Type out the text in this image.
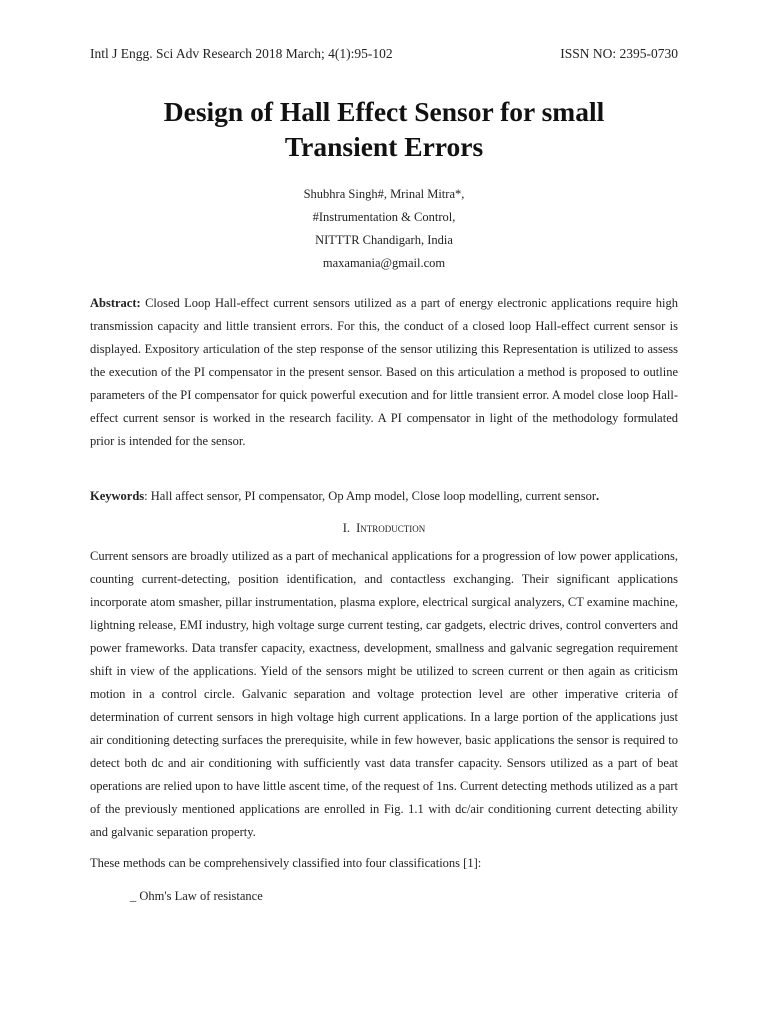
Intl J Engg. Sci Adv Research 2018 March; 4(1):95-102	ISSN NO: 2395-0730
Design of Hall Effect Sensor for small
Transient Errors
Shubhra Singh#, Mrinal Mitra*,
#Instrumentation & Control,
NITTTR Chandigarh, India
maxamania@gmail.com

Abstract: Closed Loop Hall-effect current sensors utilized as a part of energy electronic applications require high transmission capacity and little transient errors. For this, the conduct of a closed loop Hall-effect current sensor is displayed. Expository articulation of the step response of the sensor utilizing this Representation is utilized to assess the execution of the PI compensator in the present sensor. Based on this articulation a method is proposed to outline parameters of the PI compensator for quick powerful execution and for little transient error. A model close loop Hall-effect current sensor is worked in the research facility. A PI compensator in light of the methodology formulated prior is intended for the sensor.

Keywords: Hall affect sensor, PI compensator, Op Amp model, Close loop modelling, current sensor.

I. Introduction

Current sensors are broadly utilized as a part of mechanical applications for a progression of low power applications, counting current-detecting, position identification, and contactless exchanging. Their significant applications incorporate atom smasher, pillar instrumentation, plasma explore, electrical surgical analyzers, CT examine machine, lightning release, EMI industry, high voltage surge current testing, car gadgets, electric drives, control converters and power frameworks. Data transfer capacity, exactness, development, smallness and galvanic segregation requirement shift in view of the applications. Yield of the sensors might be utilized to screen current or then again as criticism motion in a control circle. Galvanic separation and voltage protection level are other imperative criteria of determination of current sensors in high voltage high current applications. In a large portion of the applications just air conditioning detecting surfaces the prerequisite, while in few however, basic applications the sensor is required to detect both dc and air conditioning with sufficiently vast data transfer capacity. Sensors utilized as a part of beat operations are relied upon to have little ascent time, of the request of 1ns. Current detecting methods utilized as a part of the previously mentioned applications are enrolled in Fig. 1.1 with dc/air conditioning current detecting ability and galvanic separation property.

These methods can be comprehensively classified into four classifications [1]:

_ Ohm's Law of resistance
